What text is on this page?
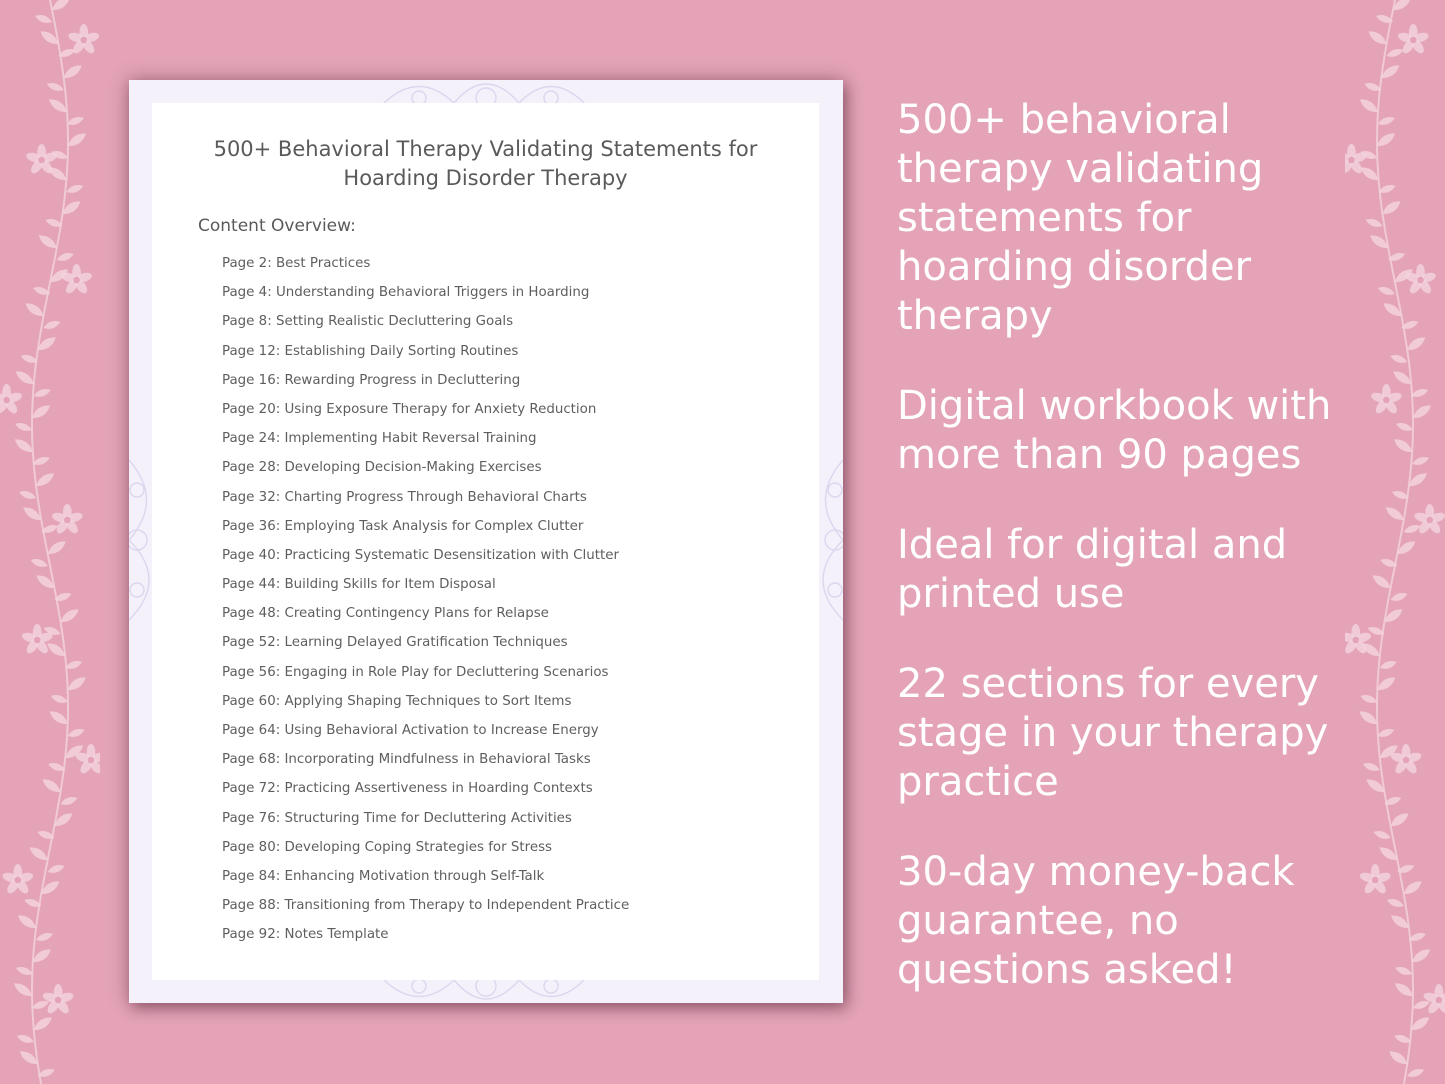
500+ Behavioral Therapy Validating Statements for Hoarding Disorder Therapy
Content Overview:
Page 2: Best Practices
Page 4: Understanding Behavioral Triggers in Hoarding
Page 8: Setting Realistic Decluttering Goals
Page 12: Establishing Daily Sorting Routines
Page 16: Rewarding Progress in Decluttering
Page 20: Using Exposure Therapy for Anxiety Reduction
Page 24: Implementing Habit Reversal Training
Page 28: Developing Decision-Making Exercises
Page 32: Charting Progress Through Behavioral Charts
Page 36: Employing Task Analysis for Complex Clutter
Page 40: Practicing Systematic Desensitization with Clutter
Page 44: Building Skills for Item Disposal
Page 48: Creating Contingency Plans for Relapse
Page 52: Learning Delayed Gratification Techniques
Page 56: Engaging in Role Play for Decluttering Scenarios
Page 60: Applying Shaping Techniques to Sort Items
Page 64: Using Behavioral Activation to Increase Energy
Page 68: Incorporating Mindfulness in Behavioral Tasks
Page 72: Practicing Assertiveness in Hoarding Contexts
Page 76: Structuring Time for Decluttering Activities
Page 80: Developing Coping Strategies for Stress
Page 84: Enhancing Motivation through Self-Talk
Page 88: Transitioning from Therapy to Independent Practice
Page 92: Notes Template

500+ behavioral therapy validating statements for hoarding disorder therapy

Digital workbook with more than 90 pages

Ideal for digital and printed use

22 sections for every stage in your therapy practice

30-day money-back guarantee, no questions asked!
